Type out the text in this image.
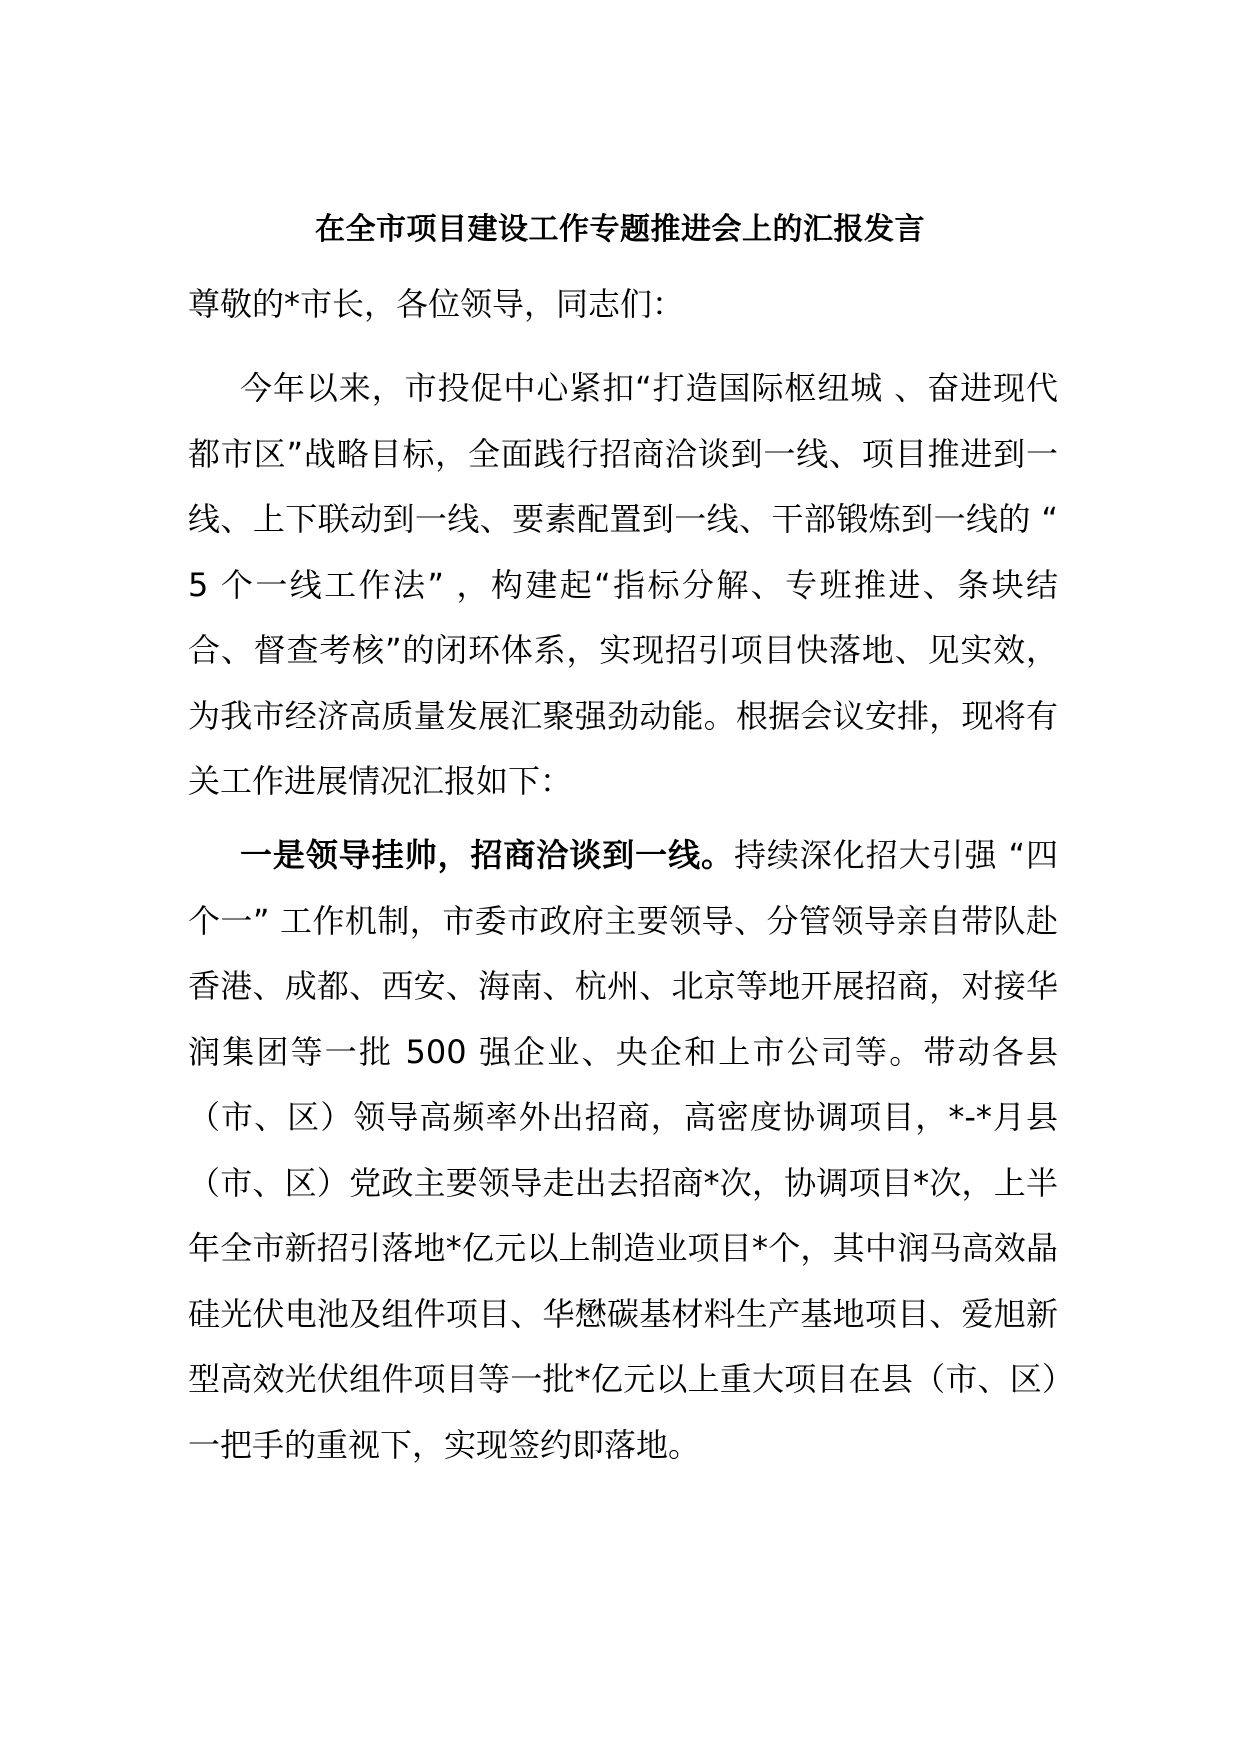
在全市项目建设工作专题推进会上的汇报发言
尊敬的*市长，各位领导，同志们：
今年以来，市投促中心紧扣“打造国际枢纽城 、奋进现代都市区”战略目标，全面践行招商洽谈到一线、项目推进到一线、上下联动到一线、要素配置到一线、干部锻炼到一线的 “ 5 个一线工作法” ，构建起“指标分解、专班推进、条块结合、督查考核”的闭环体系，实现招引项目快落地、见实效，为我市经济高质量发展汇聚强劲动能。根据会议安排，现将有关工作进展情况汇报如下：
一是领导挂帅，招商洽谈到一线。持续深化招大引强 “四个一” 工作机制，市委市政府主要领导、分管领导亲自带队赴香港、成都、西安、海南、杭州、北京等地开展招商，对接华润集团等一批 500 强企业、央企和上市公司等。带动各县（市、区）领导高频率外出招商，高密度协调项目，*-*月县（市、区）党政主要领导走出去招商*次，协调项目*次，上半年全市新招引落地*亿元以上制造业项目*个，其中润马高效晶硅光伏电池及组件项目、华懋碳基材料生产基地项目、爱旭新型高效光伏组件项目等一批*亿元以上重大项目在县（市、区）一把手的重视下，实现签约即落地。
